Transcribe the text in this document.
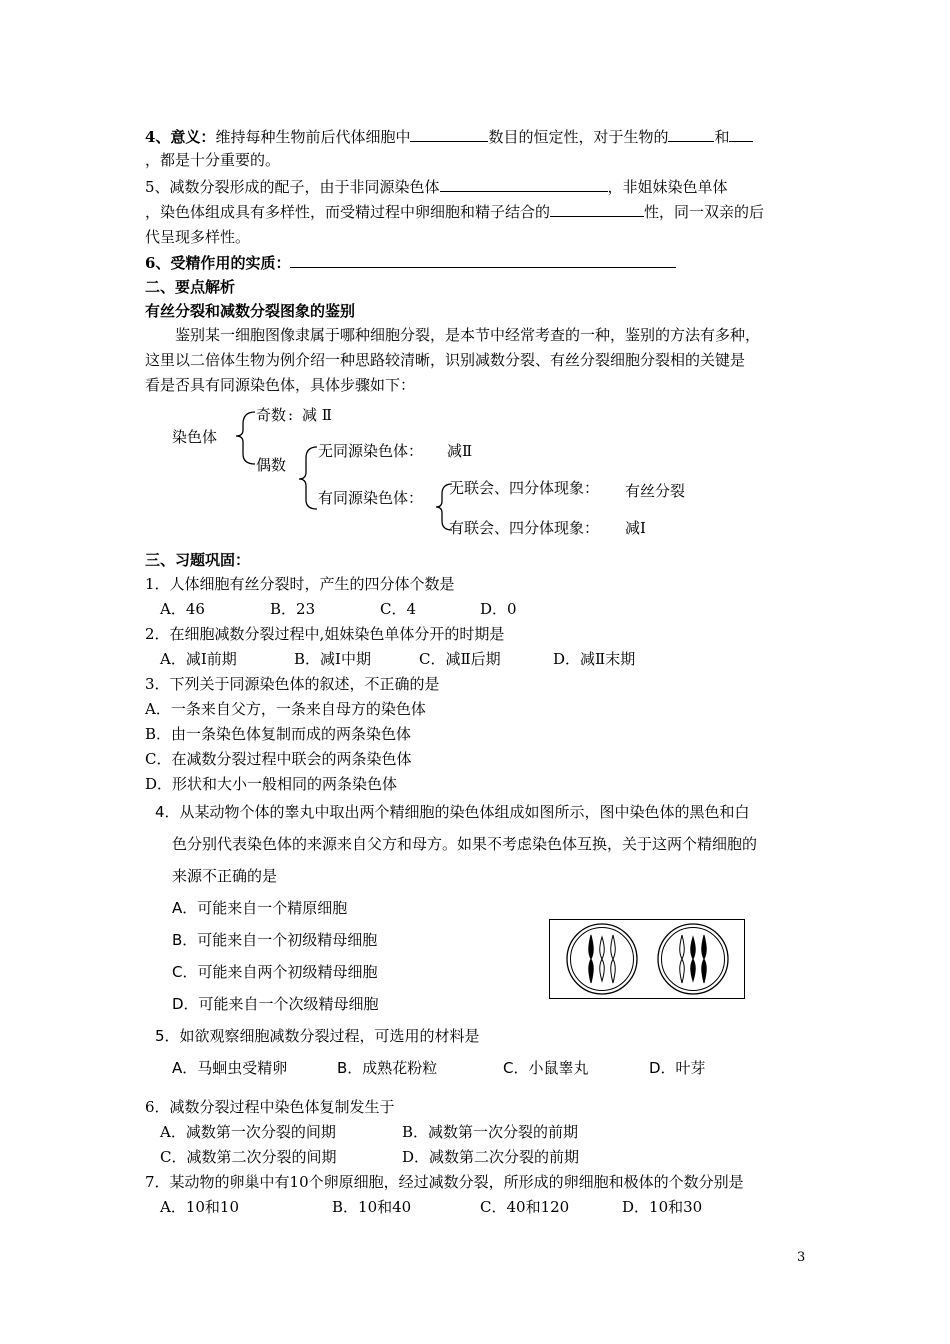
4、意义：维持每种生物前后代体细胞中	数目的恒定性，对于生物的	和
，都是十分重要的。
5、减数分裂形成的配子，由于非同源染色体	，非姐妹染色单体
，染色体组成具有多样性，而受精过程中卵细胞和精子结合的	性，同一双亲的后
代呈现多样性。
6、受精作用的实质：
二、要点解析
有丝分裂和减数分裂图象的鉴别
鉴别某一细胞图像隶属于哪种细胞分裂，是本节中经常考查的一种，鉴别的方法有多种，
这里以二倍体生物为例介绍一种思路较清晰，识别减数分裂、有丝分裂细胞分裂相的关键是
看是否具有同源染色体，具体步骤如下：
染色体
奇数 : 减 Ⅱ
偶数
无同源染色体： 减Ⅱ
有同源染色体：
无联会、四分体现象： 有丝分裂
有联会、四分体现象： 减Ⅰ
三、习题巩固：
1．人体细胞有丝分裂时，产生的四分体个数是
A．46	B．23	C．4	D．0
2．在细胞减数分裂过程中,姐妹染色单体分开的时期是
A．减Ⅰ前期	B．减Ⅰ中期	C．减Ⅱ后期	D．减Ⅱ末期
3．下列关于同源染色体的叙述，不正确的是
A．一条来自父方，一条来自母方的染色体
B．由一条染色体复制而成的两条染色体
C．在减数分裂过程中联会的两条染色体
D．形状和大小一般相同的两条染色体
4．从某动物个体的睾丸中取出两个精细胞的染色体组成如图所示，图中染色体的黑色和白
色分别代表染色体的来源来自父方和母方。如果不考虑染色体互换，关于这两个精细胞的
来源不正确的是
A．可能来自一个精原细胞
B．可能来自一个初级精母细胞
C．可能来自两个初级精母细胞
D．可能来自一个次级精母细胞
5．如欲观察细胞减数分裂过程，可选用的材料是
A．马蛔虫受精卵	B．成熟花粉粒	C．小鼠睾丸	D．叶芽
6．减数分裂过程中染色体复制发生于
A．减数第一次分裂的间期	B．减数第一次分裂的前期
C．减数第二次分裂的间期	D．减数第二次分裂的前期
7．某动物的卵巢中有10个卵原细胞，经过减数分裂，所形成的卵细胞和极体的个数分别是
A．10和10	B．10和40	C．40和120	D．10和30
3
